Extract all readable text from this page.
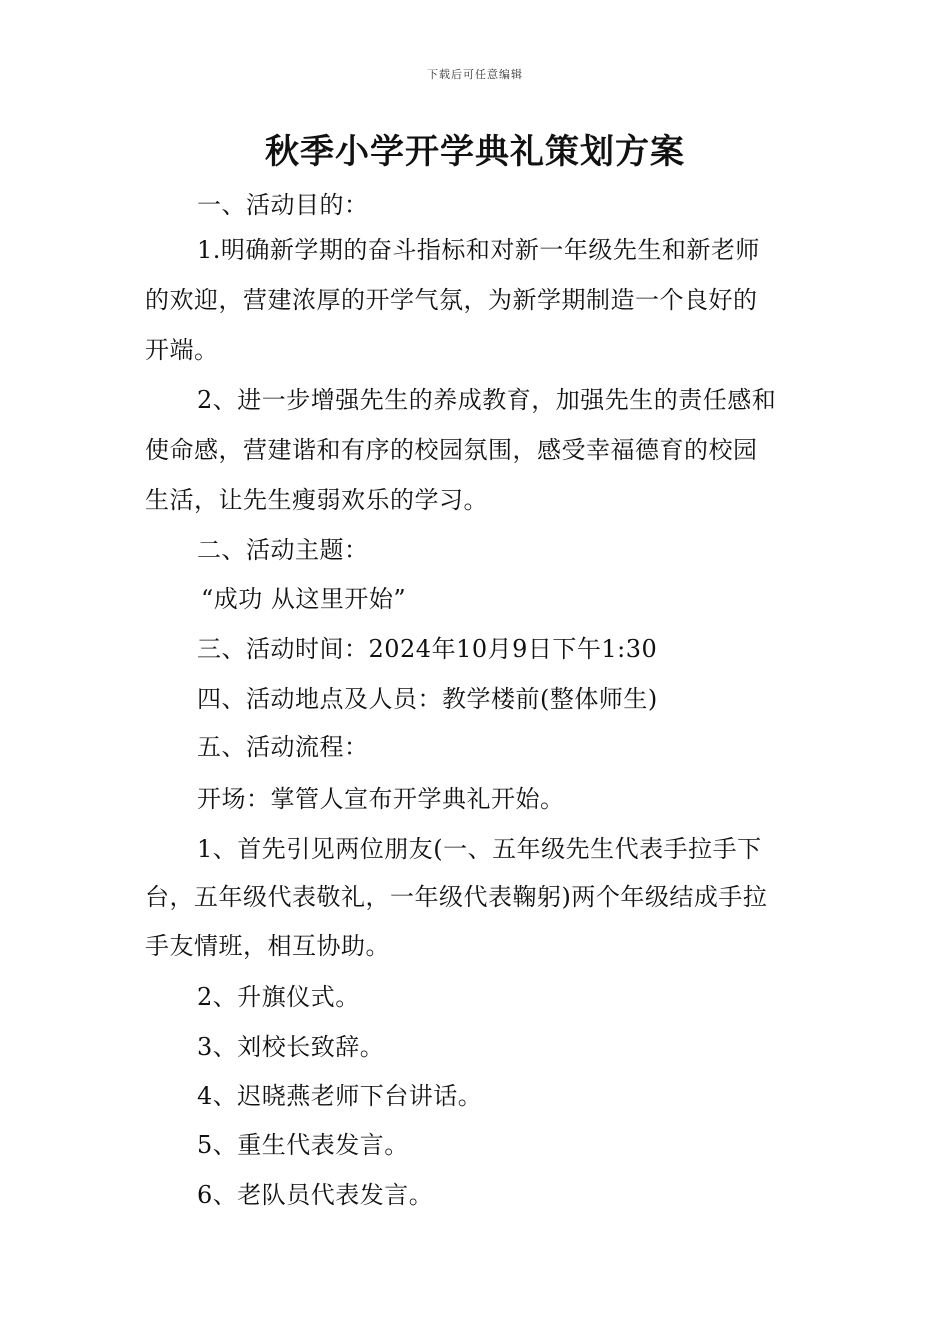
下载后可任意编辑
秋季小学开学典礼策划方案
一、活动目的：
1.明确新学期的奋斗指标和对新一年级先生和新老师
的欢迎，营建浓厚的开学气氛，为新学期制造一个良好的
开端。
2、进一步增强先生的养成教育，加强先生的责任感和
使命感，营建谐和有序的校园氛围，感受幸福德育的校园
生活，让先生瘦弱欢乐的学习。
二、活动主题：
“成功 从这里开始”
三、活动时间：2024年10月9日下午1:30
四、活动地点及人员：教学楼前(整体师生)
五、活动流程：
开场：掌管人宣布开学典礼开始。
1、首先引见两位朋友(一、五年级先生代表手拉手下
台，五年级代表敬礼，一年级代表鞠躬)两个年级结成手拉
手友情班，相互协助。
2、升旗仪式。
3、刘校长致辞。
4、迟晓燕老师下台讲话。
5、重生代表发言。
6、老队员代表发言。
